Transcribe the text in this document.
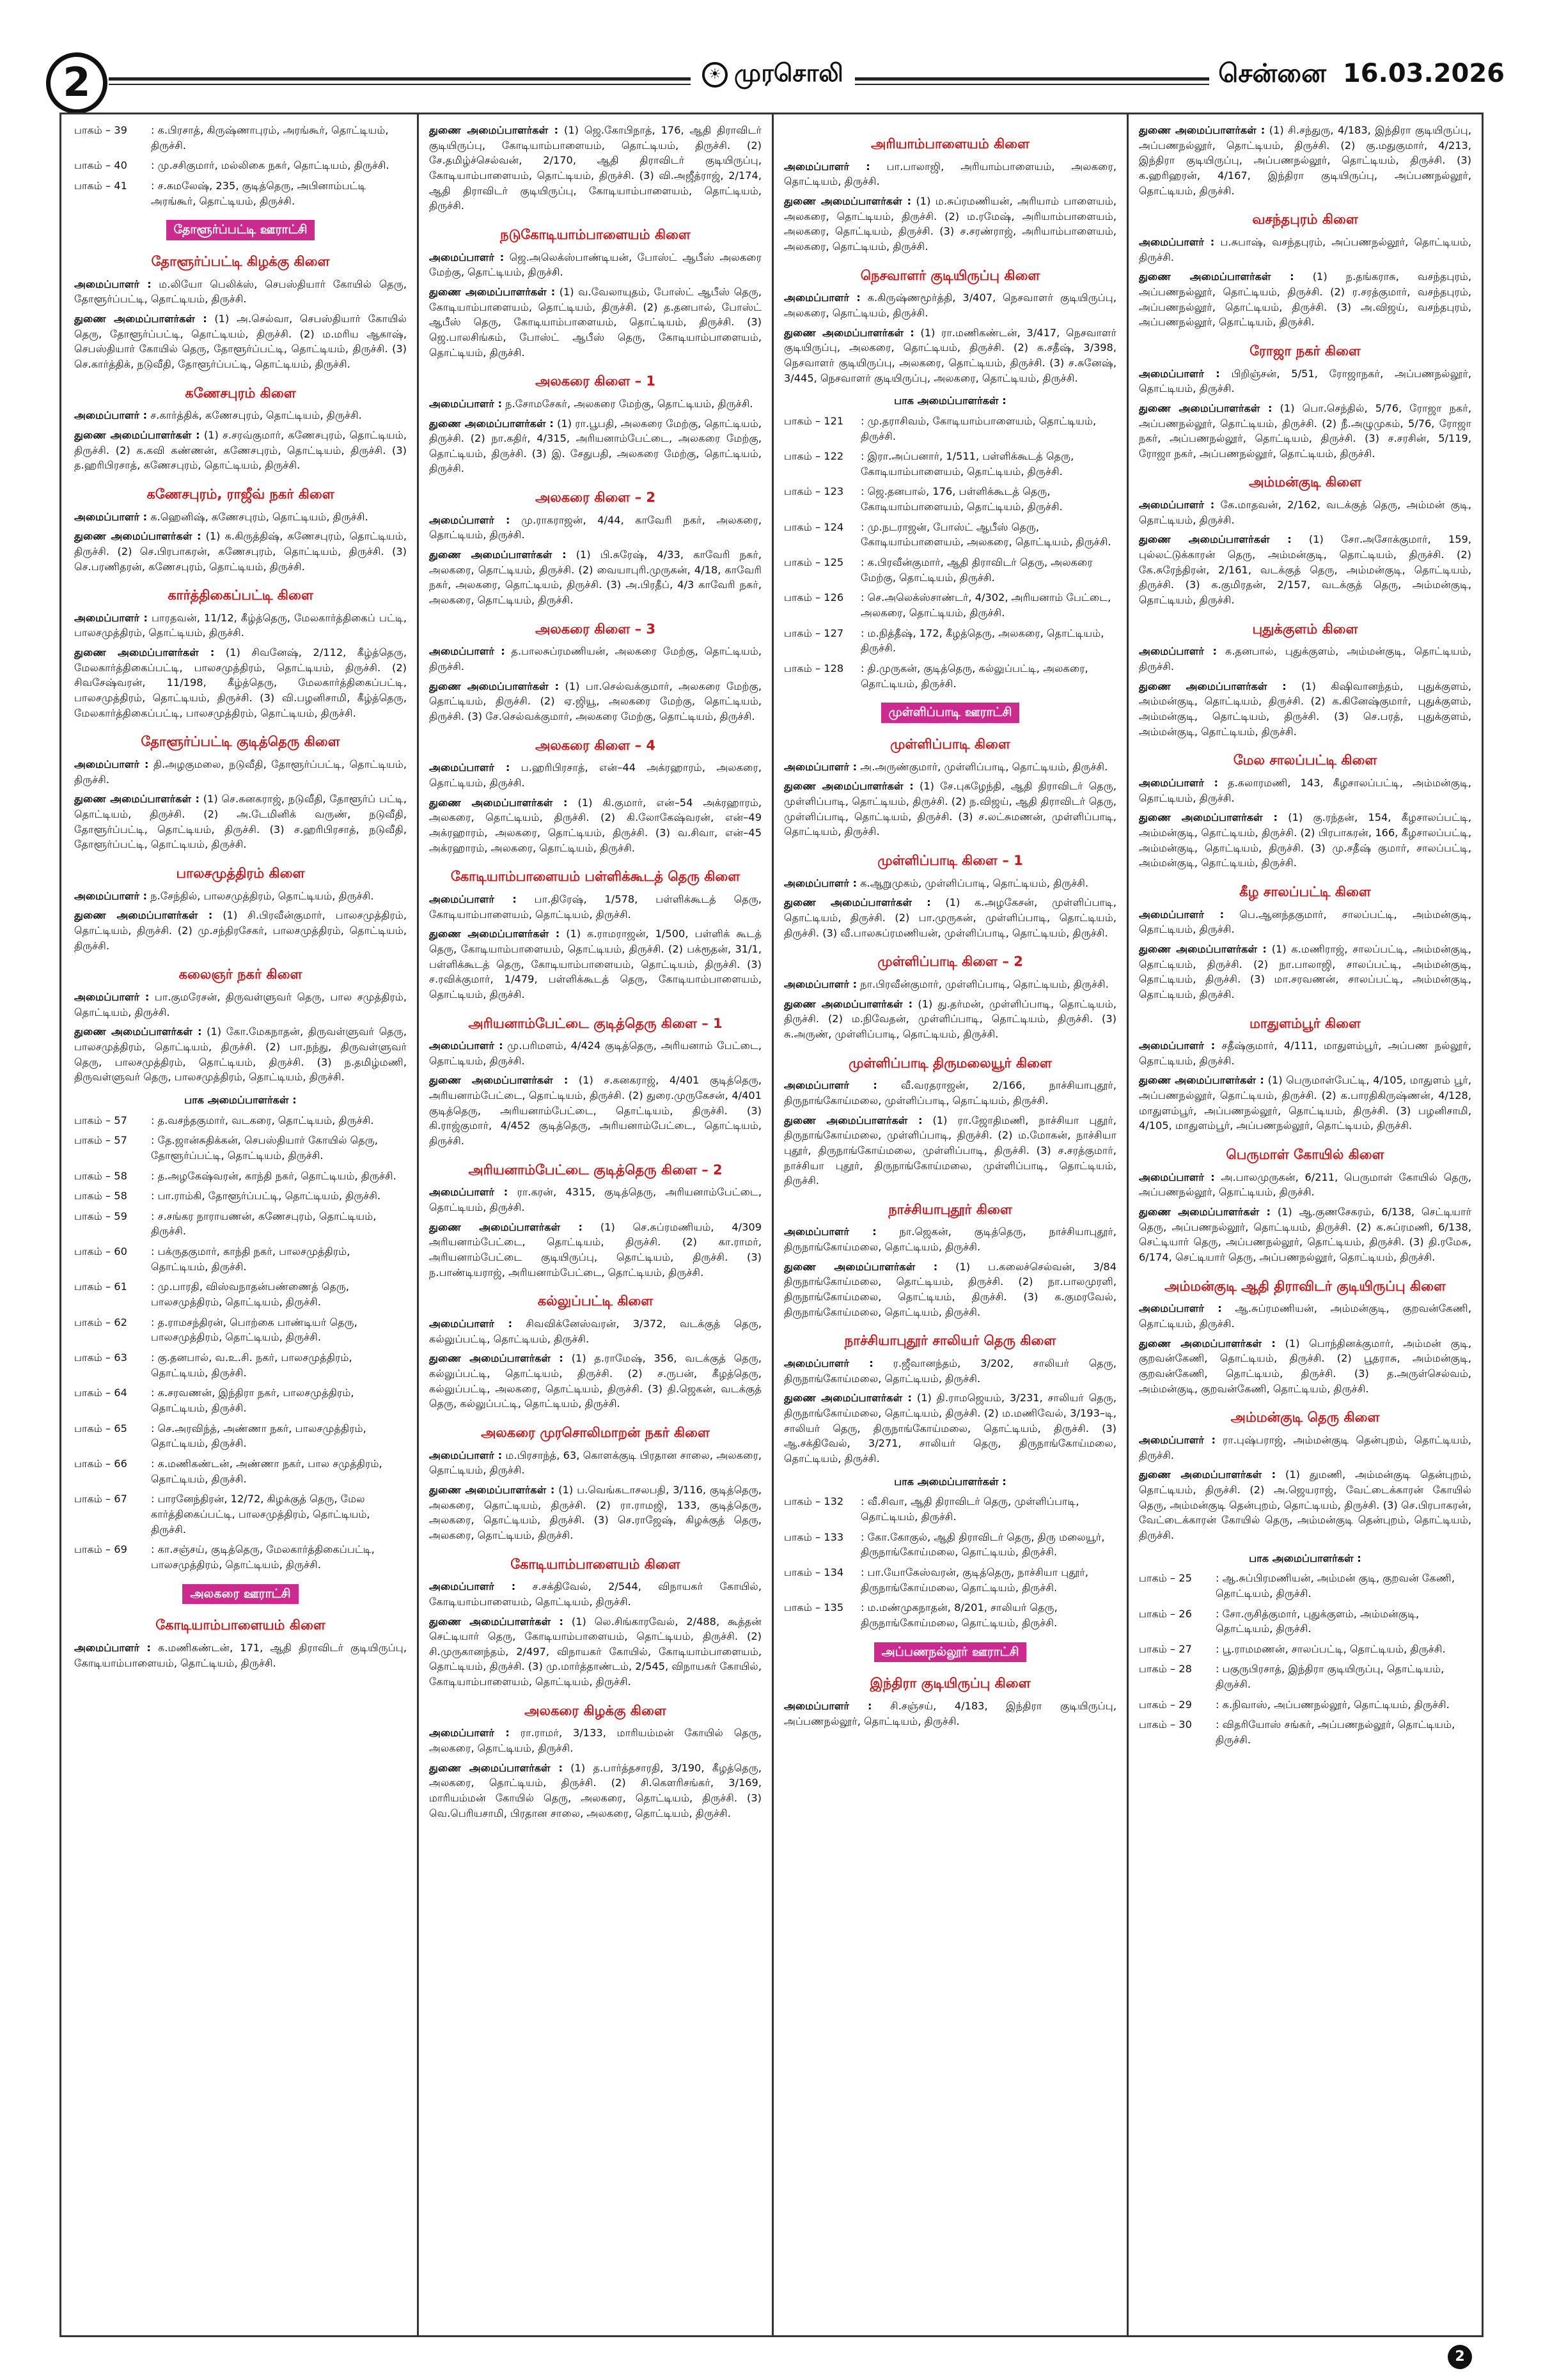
2	☀ முரசொலி	சென்னை 16.03.2026
பாகம் – 39	: க.பிரசாத், கிருஷ்ணாபுரம், அரங்கூர், தொட்டியம், திருச்சி.
பாகம் – 40	: மு.சசிகுமார், மல்லிகை நகர், தொட்டியம், திருச்சி.
பாகம் – 41	: ச.கமலேஷ், 235, குடித்தெரு, அபினாம்பட்டி அரங்கூர், தொட்டியம், திருச்சி.
தோளூர்ப்பட்டி ஊராட்சி
தோளூர்ப்பட்டி கிழக்கு கிளை

அமைப்பாளர் : ம.லியோ பெலிக்ஸ், செபஸ்தியார் கோயில் தெரு, தோளூர்ப்பட்டி, தொட்டியம், திருச்சி.

துணை அமைப்பாளர்கள் : (1) அ.செல்வா, செபஸ்தியார் கோயில் தெரு, தோளூர்ப்பட்டி, தொட்டியம், திருச்சி. (2) ம.மரிய ஆகாஷ், செபஸ்தியார் கோயில் தெரு, தோளூர்ப்பட்டி, தொட்டியம், திருச்சி. (3) செ.கார்த்திக், நடுவீதி, தோளூர்ப்பட்டி, தொட்டியம், திருச்சி.

கணேசபுரம் கிளை

அமைப்பாளர் : ச.கார்த்திக், கணேசபுரம், தொட்டியம், திருச்சி.

துணை அமைப்பாளர்கள் : (1) ச.சரவ்குமார், கணேசபுரம், தொட்டியம், திருச்சி. (2) க.கவி கண்ணன், கணேசபுரம், தொட்டியம், திருச்சி. (3) த.ஹரிபிரசாத், கணேசபுரம், தொட்டியம், திருச்சி.

கணேசபுரம், ராஜீவ் நகர் கிளை

அமைப்பாளர் : க.ஹெனிஷ், கணேசபுரம், தொட்டியம், திருச்சி.

துணை அமைப்பாளர்கள் : (1) க.கிருத்திஷ், கணேசபுரம், தொட்டியம், திருச்சி. (2) செ.பிரபாகரன், கணேசபுரம், தொட்டியம், திருச்சி. (3) செ.பரணிதரன், கணேசபுரம், தொட்டியம், திருச்சி.

கார்த்திகைப்பட்டி கிளை

அமைப்பாளர் : பாரதவன், 11/12, கீழ்த்தெரு, மேலகார்த்திகைப் பட்டி, பாலசமுத்திரம், தொட்டியம், திருச்சி.

துணை அமைப்பாளர்கள் : (1) சிவனேஷ், 2/112, கீழ்த்தெரு, மேலகார்த்திகைப்பட்டி, பாலசமுத்திரம், தொட்டியம், திருச்சி. (2) சிவசேஷ்வரன், 11/198, கீழ்த்தெரு, மேலகார்த்திகைப்பட்டி, பாலசமுத்திரம், தொட்டியம், திருச்சி. (3) வி.பழனிசாமி, கீழ்த்தெரு, மேலகார்த்திகைப்பட்டி, பாலசமுத்திரம், தொட்டியம், திருச்சி.

தோளூர்ப்பட்டி குடித்தெரு கிளை

அமைப்பாளர் : தி.அழகுமலை, நடுவீதி, தோளூர்ப்பட்டி, தொட்டியம், திருச்சி.

துணை அமைப்பாளர்கள் : (1) செ.கனகராஜ், நடுவீதி, தோளூர்ப் பட்டி, தொட்டியம், திருச்சி. (2) அ.டேமினிக் வருண், நடுவீதி, தோளூர்ப்பட்டி, தொட்டியம், திருச்சி. (3) ச.ஹரிபிரசாத், நடுவீதி, தோளூர்ப்பட்டி, தொட்டியம், திருச்சி.

பாலசமுத்திரம் கிளை

அமைப்பாளர் : ந.சேந்தில், பாலசமுத்திரம், தொட்டியம், திருச்சி.

துணை அமைப்பாளர்கள் : (1) சி.பிரவீன்குமார், பாலசமுத்திரம், தொட்டியம், திருச்சி. (2) மு.சந்திரசேகர், பாலசமுத்திரம், தொட்டியம், திருச்சி.

கலைஞர் நகர் கிளை

அமைப்பாளர் : பா.குமரேசன், திருவள்ளுவர் தெரு, பால சமுத்திரம், தொட்டியம், திருச்சி.

துணை அமைப்பாளர்கள் : (1) கோ.மேகநாதன், திருவள்ளுவர் தெரு, பாலசமுத்திரம், தொட்டியம், திருச்சி. (2) பா.நந்து, திருவள்ளுவர் தெரு, பாலசமுத்திரம், தொட்டியம், திருச்சி. (3) ந.தமிழ்மணி, திருவள்ளுவர் தெரு, பாலசமுத்திரம், தொட்டியம், திருச்சி.

பாக அமைப்பாளர்கள் :
பாகம் – 57	: த.வசந்தகுமார், வடகரை, தொட்டியம், திருச்சி.
பாகம் – 57	: தே.ஜான்சுதிக்கன், செபஸ்தியார் கோயில் தெரு, தோளூர்ப்பட்டி, தொட்டியம், திருச்சி.
பாகம் – 58	: த.அழகேஷ்வரன், காந்தி நகர், தொட்டியம், திருச்சி.
பாகம் – 58	: பா.ராம்கி, தோளூர்ப்பட்டி, தொட்டியம், திருச்சி.
பாகம் – 59	: ச.சங்கர நாராயணன், கணேசபுரம், தொட்டியம், திருச்சி.
பாகம் – 60	: பக்ருதகுமார், காந்தி நகர், பாலசமுத்திரம், தொட்டியம், திருச்சி.
பாகம் – 61	: மு.பாரதி, விஸ்வநாதன்பண்ணைத் தெரு, பாலசமுத்திரம், தொட்டியம், திருச்சி.
பாகம் – 62	: த.ராமசந்திரன், பொற்கை பாண்டியர் தெரு, பாலசமுத்திரம், தொட்டியம், திருச்சி.
பாகம் – 63	: கு.தனபால், வ.உ.சி. நகர், பாலசமுத்திரம், தொட்டியம், திருச்சி.
பாகம் – 64	: க.சரவணன், இந்திரா நகர், பாலசமுத்திரம், தொட்டியம், திருச்சி.
பாகம் – 65	: செ.அரவிந்த், அண்ணா நகர், பாலசமுத்திரம், தொட்டியம், திருச்சி.
பாகம் – 66	: க.மணிகண்டன், அண்ணா நகர், பால சமுத்திரம், தொட்டியம், திருச்சி.
பாகம் – 67	: பாரனேந்திரன், 12/72, கிழக்குத் தெரு, மேல கார்த்திகைப்பட்டி, பாலசமுத்திரம், தொட்டியம், திருச்சி.
பாகம் – 69	: கா.சஞ்சய், குடித்தெரு, மேலகார்த்திகைப்பட்டி, பாலசமுத்திரம், தொட்டியம், திருச்சி.
அலகரை ஊராட்சி
கோடியாம்பாளையம் கிளை

அமைப்பாளர் : க.மணிகண்டன், 171, ஆதி திராவிடர் குடியிருப்பு, கோடியாம்பாளையம், தொட்டியம், திருச்சி.

துணை அமைப்பாளர்கள் : (1) ஜெ.கோபிநாத், 176, ஆதி திராவிடர் குடியிருப்பு, கோடியாம்பாளையம், தொட்டியம், திருச்சி. (2) சே.தமிழ்ச்செல்வன், 2/170, ஆதி திராவிடர் குடியிருப்பு, கோடியாம்பாளையம், தொட்டியம், திருச்சி. (3) வி.அஜீத்ராஜ், 2/174, ஆதி திராவிடர் குடியிருப்பு, கோடியாம்பாளையம், தொட்டியம், திருச்சி.

நடுகோடியாம்பாளையம் கிளை

அமைப்பாளர் : ஜெ.அலெக்ஸ்பாண்டியன், போஸ்ட் ஆபீஸ் அலகரை மேற்கு, தொட்டியம், திருச்சி.

துணை அமைப்பாளர்கள் : (1) வ.வேலாயுதம், போஸ்ட் ஆபீஸ் தெரு, கோடியாம்பாளையம், தொட்டியம், திருச்சி. (2) த.தனபால், போஸ்ட் ஆபீஸ் தெரு, கோடியாம்பாளையம், தொட்டியம், திருச்சி. (3) ஜெ.பாலசிங்கம், போஸ்ட் ஆபீஸ் தெரு, கோடியாம்பாளையம், தொட்டியம், திருச்சி.

அலகரை கிளை – 1

அமைப்பாளர் : ந.சோமசேகர், அலகரை மேற்கு, தொட்டியம், திருச்சி.

துணை அமைப்பாளர்கள் : (1) ரா.பூபதி, அலகரை மேற்கு, தொட்டியம், திருச்சி. (2) நா.கதிர், 4/315, அரியனாம்பேட்டை, அலகரை மேற்கு, தொட்டியம், திருச்சி. (3) இ. சேதுபதி, அலகரை மேற்கு, தொட்டியம், திருச்சி.

அலகரை கிளை – 2

அமைப்பாளர் : மு.ராகராஜன், 4/44, காவேரி நகர், அலகரை, தொட்டியம், திருச்சி.

துணை அமைப்பாளர்கள் : (1) பி.சுரேஷ், 4/33, காவேரி நகர், அலகரை, தொட்டியம், திருச்சி. (2) வையாபுரி.முருகன், 4/18, காவேரி நகர், அலகரை, தொட்டியம், திருச்சி. (3) அ.பிரதீப், 4/3 காவேரி நகர், அலகரை, தொட்டியம், திருச்சி.

அலகரை கிளை – 3

அமைப்பாளர் : த.பாலசுப்ரமணியன், அலகரை மேற்கு, தொட்டியம், திருச்சி.

துணை அமைப்பாளர்கள் : (1) பா.செல்வக்குமார், அலகரை மேற்கு, தொட்டியம், திருச்சி. (2) ஏ.ஜியூ, அலகரை மேற்கு, தொட்டியம், திருச்சி. (3) சே.செல்வக்குமார், அலகரை மேற்கு, தொட்டியம், திருச்சி.

அலகரை கிளை – 4

அமைப்பாளர் : ப.ஹரிபிரசாத், என்–44 அக்ரஹாரம், அலகரை, தொட்டியம், திருச்சி.

துணை அமைப்பாளர்கள் : (1) கி.குமார், என்–54 அக்ரஹாரம், அலகரை, தொட்டியம், திருச்சி. (2) கி.லோகேஷ்வரன், என்–49 அக்ரஹாரம், அலகரை, தொட்டியம், திருச்சி. (3) வ.சிவா, என்–45 அக்ரஹாரம், அலகரை, தொட்டியம், திருச்சி.

கோடியாம்பாளையம் பள்ளிக்கூடத் தெரு கிளை

அமைப்பாளர் : பா.திரேஷ், 1/578, பள்ளிக்கூடத் தெரு, கோடியாம்பாளையம், தொட்டியம், திருச்சி.

துணை அமைப்பாளர்கள் : (1) க.ராமராஜன், 1/500, பள்ளிக் கூடத் தெரு, கோடியாம்பாளையம், தொட்டியம், திருச்சி. (2) பக்ரூதன், 31/1, பள்ளிக்கூடத் தெரு, கோடியாம்பாளையம், தொட்டியம், திருச்சி. (3) ச.ரவிக்குமார், 1/479, பள்ளிக்கூடத் தெரு, கோடியாம்பாளையம், தொட்டியம், திருச்சி.

அரியனாம்பேட்டை குடித்தெரு கிளை – 1

அமைப்பாளர் : மு.பரிமளம், 4/424 குடித்தெரு, அரியனாம் பேட்டை, தொட்டியம், திருச்சி.

துணை அமைப்பாளர்கள் : (1) ச.கனகராஜ், 4/401 குடித்தெரு, அரியனாம்பேட்டை, தொட்டியம், திருச்சி. (2) துரை.முருகேசன், 4/401 குடித்தெரு, அரியனாம்பேட்டை, தொட்டியம், திருச்சி. (3) கி.ராஜ்குமார், 4/452 குடித்தெரு, அரியனாம்பேட்டை, தொட்டியம், திருச்சி.

அரியனாம்பேட்டை குடித்தெரு கிளை – 2

அமைப்பாளர் : ரா.கரன், 4315, குடித்தெரு, அரியனாம்பேட்டை, தொட்டியம், திருச்சி.

துணை அமைப்பாளர்கள் : (1) செ.சுப்ரமணியம், 4/309 அரியனாம்பேட்டை, தொட்டியம், திருச்சி. (2) கா.ராமர், அரியனாம்பேட்டை குடியிருப்பு, தொட்டியம், திருச்சி. (3) ந.பாண்டியராஜ், அரியனாம்பேட்டை, தொட்டியம், திருச்சி.

கல்லுப்பட்டி கிளை

அமைப்பாளர் : சிவவிக்னேஸ்வரன், 3/372, வடக்குத் தெரு, கல்லுப்பட்டி, தொட்டியம், திருச்சி.

துணை அமைப்பாளர்கள் : (1) த.ராமேஷ், 356, வடக்குத் தெரு, கல்லுப்பட்டி, தொட்டியம், திருச்சி. (2) ச.ருபன், கீழத்தெரு, கல்லுப்பட்டி, அலகரை, தொட்டியம், திருச்சி. (3) தி.ஜெகன், வடக்குத் தெரு, கல்லுப்பட்டி, தொட்டியம், திருச்சி.

அலகரை முரசொலிமாறன் நகர் கிளை

அமைப்பாளர் : ம.பிரசாந்த், 63, கொளக்குடி பிரதான சாலை, அலகரை, தொட்டியம், திருச்சி.

துணை அமைப்பாளர்கள் : (1) ப.வெங்கடாசலபதி, 3/116, குடித்தெரு, அலகரை, தொட்டியம், திருச்சி. (2) ரா.ராமஜி, 133, குடித்தெரு, அலகரை, தொட்டியம், திருச்சி. (3) செ.ராஜேஷ், கிழக்குத் தெரு, அலகரை, தொட்டியம், திருச்சி.

கோடியாம்பாளையம் கிளை

அமைப்பாளர் : ச.சக்திவேல், 2/544, விநாயகர் கோயில், கோடியாம்பாளையம், தொட்டியம், திருச்சி.

துணை அமைப்பாளர்கள் : (1) லெ.சிங்காரவேல், 2/488, கூத்தன் செட்டியார் தெரு, கோடியாம்பாளையம், தொட்டியம், திருச்சி. (2) சி.முருகானந்தம், 2/497, விநாயகர் கோயில், கோடியாம்பாளையம், தொட்டியம், திருச்சி. (3) மு.மார்த்தாண்டம், 2/545, விநாயகர் கோயில், கோடியாம்பாளையம், தொட்டியம், திருச்சி.

அலகரை கிழக்கு கிளை

அமைப்பாளர் : ரா.ராமர், 3/133, மாரியம்மன் கோயில் தெரு, அலகரை, தொட்டியம், திருச்சி.

துணை அமைப்பாளர்கள் : (1) த.பார்த்தசாரதி, 3/190, கீழத்தெரு, அலகரை, தொட்டியம், திருச்சி. (2) சி.கௌரிசங்கர், 3/169, மாரியம்மன் கோயில் தெரு, அலகரை, தொட்டியம், திருச்சி. (3) வெ.பெரியசாமி, பிரதான சாலை, அலகரை, தொட்டியம், திருச்சி.

அரியாம்பாளையம் கிளை

அமைப்பாளர் : பா.பாலாஜி, அரியாம்பாளையம், அலகரை, தொட்டியம், திருச்சி.

துணை அமைப்பாளர்கள் : (1) ம.சுப்ரமணியன், அரியாம் பாளையம், அலகரை, தொட்டியம், திருச்சி. (2) ம.ரமேஷ், அரியாம்பாளையம், அலகரை, தொட்டியம், திருச்சி. (3) ச.சரண்ராஜ், அரியாம்பாளையம், அலகரை, தொட்டியம், திருச்சி.

நெசவாளர் குடியிருப்பு கிளை

அமைப்பாளர் : க.கிருஷ்ணமூர்த்தி, 3/407, நெசவாளர் குடியிருப்பு, அலகரை, தொட்டியம், திருச்சி.

துணை அமைப்பாளர்கள் : (1) ரா.மணிகண்டன், 3/417, நெசவாளர் குடியிருப்பு, அலகரை, தொட்டியம், திருச்சி. (2) க.சதீஷ், 3/398, நெசவாளர் குடியிருப்பு, அலகரை, தொட்டியம், திருச்சி. (3) ச.சுனேஷ், 3/445, நெசவாளர் குடியிருப்பு, அலகரை, தொட்டியம், திருச்சி.

பாக அமைப்பாளர்கள் :
பாகம் – 121	: மு.தராசிவம், கோடியாம்பாளையம், தொட்டியம், திருச்சி.
பாகம் – 122	: இரா.அப்பனார், 1/511, பள்ளிக்கூடத் தெரு, கோடியாம்பாளையம், தொட்டியம், திருச்சி.
பாகம் – 123	: ஜெ.தனபால், 176, பள்ளிக்கூடத் தெரு, கோடியாம்பாளையம், தொட்டியம், திருச்சி.
பாகம் – 124	: மு.நடராஜன், போஸ்ட் ஆபீஸ் தெரு, கோடியாம்பாளையம், அலகரை, தொட்டியம், திருச்சி.
பாகம் – 125	: க.பிரவீன்குமார், ஆதி திராவிடர் தெரு, அலகரை மேற்கு, தொட்டியம், திருச்சி.
பாகம் – 126	: செ.அலெக்ஸ்சாண்டர், 4/302, அரியனாம் பேட்டை, அலகரை, தொட்டியம், திருச்சி.
பாகம் – 127	: ம.நித்தீஷ், 172, கீழத்தெரு, அலகரை, தொட்டியம், திருச்சி.
பாகம் – 128	: தி.முருகன், குடித்தெரு, கல்லுப்பட்டி, அலகரை, தொட்டியம், திருச்சி.
முள்ளிப்பாடி ஊராட்சி
முள்ளிப்பாடி கிளை

அமைப்பாளர் : அ.அருண்குமார், முள்ளிப்பாடி, தொட்டியம், திருச்சி.

துணை அமைப்பாளர்கள் : (1) சே.புகழேந்தி, ஆதி திராவிடர் தெரு, முள்ளிப்பாடி, தொட்டியம், திருச்சி. (2) ந.விஜய், ஆதி திராவிடர் தெரு, முள்ளிப்பாடி, தொட்டியம், திருச்சி. (3) ச.லட்சுமணன், முள்ளிப்பாடி, தொட்டியம், திருச்சி.

முள்ளிப்பாடி கிளை – 1

அமைப்பாளர் : க.ஆறுமுகம், முள்ளிப்பாடி, தொட்டியம், திருச்சி.

துணை அமைப்பாளர்கள் : (1) க.அழகேசன், முள்ளிப்பாடி, தொட்டியம், திருச்சி. (2) பா.முருகன், முள்ளிப்பாடி, தொட்டியம், திருச்சி. (3) வீ.பாலசுப்ரமணியன், முள்ளிப்பாடி, தொட்டியம், திருச்சி.

முள்ளிப்பாடி கிளை – 2

அமைப்பாளர் : நா.பிரவீன்குமார், முள்ளிப்பாடி, தொட்டியம், திருச்சி.

துணை அமைப்பாளர்கள் : (1) து.தர்மன், முள்ளிப்பாடி, தொட்டியம், திருச்சி. (2) ம.நிவேதன், முள்ளிப்பாடி, தொட்டியம், திருச்சி. (3) சு.அருண், முள்ளிப்பாடி, தொட்டியம், திருச்சி.

முள்ளிப்பாடி திருமலையூர் கிளை

அமைப்பாளர் : வீ.வரதராஜன், 2/166, நாச்சியாபுதூர், திருநாங்கோய்மலை, முள்ளிப்பாடி, தொட்டியம், திருச்சி.

துணை அமைப்பாளர்கள் : (1) ரா.ஜோதிமணி, நாச்சியா புதூர், திருநாங்கோய்மலை, முள்ளிப்பாடி, திருச்சி. (2) ம.மோகன், நாச்சியா புதூர், திருநாங்கோய்மலை, முள்ளிப்பாடி, திருச்சி. (3) ச.சரத்குமார், நாச்சியா புதூர், திருநாங்கோய்மலை, முள்ளிப்பாடி, தொட்டியம், திருச்சி.

நாச்சியாபுதூர் கிளை

அமைப்பாளர் : நா.ஜெகன், குடித்தெரு, நாச்சியாபுதூர், திருநாங்கோய்மலை, தொட்டியம், திருச்சி.

துணை அமைப்பாளர்கள் : (1) ப.கலைச்செல்வன், 3/84 திருநாங்கோய்மலை, தொட்டியம், திருச்சி. (2) நா.பாலமுரளி, திருநாங்கோய்மலை, தொட்டியம், திருச்சி. (3) க.குமரவேல், திருநாங்கோய்மலை, தொட்டியம், திருச்சி.

நாச்சியாபுதூர் சாலியர் தெரு கிளை

அமைப்பாளர் : ர.ஜீவானந்தம், 3/202, சாலியர் தெரு, திருநாங்கோய்மலை, தொட்டியம், திருச்சி.

துணை அமைப்பாளர்கள் : (1) தி.ராமஜெயம், 3/231, சாலியர் தெரு, திருநாங்கோய்மலை, தொட்டியம், திருச்சி. (2) ம.மணிவேல், 3/193–டி, சாலியர் தெரு, திருநாங்கோய்மலை, தொட்டியம், திருச்சி. (3) ஆ.சக்திவேல், 3/271, சாலியர் தெரு, திருநாங்கோய்மலை, தொட்டியம், திருச்சி.

பாக அமைப்பாளர்கள் :
பாகம் – 132	: வீ.சிவா, ஆதி திராவிடர் தெரு, முள்ளிப்பாடி, தொட்டியம், திருச்சி.
பாகம் – 133	: கோ.கோகுல், ஆதி திராவிடர் தெரு, திரு மலையூர், திருநாங்கோய்மலை, தொட்டியம், திருச்சி.
பாகம் – 134	: பா.யோகேஸ்வரன், குடித்தெரு, நாச்சியா புதூர், திருநாங்கோய்மலை, தொட்டியம், திருச்சி.
பாகம் – 135	: ம.மண்முகநாதன், 8/201, சாலியர் தெரு, திருநாங்கோய்மலை, தொட்டியம், திருச்சி.
அப்பணநல்லூர் ஊராட்சி
இந்திரா குடியிருப்பு கிளை

அமைப்பாளர் : சி.சஞ்சய், 4/183, இந்திரா குடியிருப்பு, அப்பணநல்லூர், தொட்டியம், திருச்சி.

துணை அமைப்பாளர்கள் : (1) சி.சந்துரு, 4/183, இந்திரா குடியிருப்பு, அப்பணநல்லூர், தொட்டியம், திருச்சி. (2) கு.மதுகுமார், 4/213, இந்திரா குடியிருப்பு, அப்பணநல்லூர், தொட்டியம், திருச்சி. (3) க.ஹரிஹரன், 4/167, இந்திரா குடியிருப்பு, அப்பணநல்லூர், தொட்டியம், திருச்சி.

வசந்தபுரம் கிளை

அமைப்பாளர் : ப.சுபாஷ், வசந்தபுரம், அப்பணநல்லூர், தொட்டியம், திருச்சி.

துணை அமைப்பாளர்கள் : (1) ந.தங்கராசு, வசந்தபுரம், அப்பணநல்லூர், தொட்டியம், திருச்சி. (2) ர.சரத்குமார், வசந்தபுரம், அப்பணநல்லூர், தொட்டியம், திருச்சி. (3) அ.விஜய், வசந்தபுரம், அப்பணநல்லூர், தொட்டியம், திருச்சி.

ரோஜா நகர் கிளை

அமைப்பாளர் : பிறிஞ்சன், 5/51, ரோஜாநகர், அப்பணநல்லூர், தொட்டியம், திருச்சி.

துணை அமைப்பாளர்கள் : (1) பொ.செந்தில், 5/76, ரோஜா நகர், அப்பணநல்லூர், தொட்டியம், திருச்சி. (2) நீ.அழுமுகம், 5/76, ரோஜா நகர், அப்பணநல்லூர், தொட்டியம், திருச்சி. (3) ச.சரசின், 5/119, ரோஜா நகர், அப்பணநல்லூர், தொட்டியம், திருச்சி.

அம்மன்குடி கிளை

அமைப்பாளர் : கே.மாதவன், 2/162, வடக்குத் தெரு, அம்மன் குடி, தொட்டியம், திருச்சி.

துணை அமைப்பாளர்கள் : (1) சோ.அசோக்குமார், 159, புல்லட்டுக்காரன் தெரு, அம்மன்குடி, தொட்டியம், திருச்சி. (2) கே.சுரேந்திரன், 2/161, வடக்குத் தெரு, அம்மன்குடி, தொட்டியம், திருச்சி. (3) க.குமிரதன், 2/157, வடக்குத் தெரு, அம்மன்குடி, தொட்டியம், திருச்சி.

புதுக்குளம் கிளை

அமைப்பாளர் : க.தனபால், புதுக்குளம், அம்மன்குடி, தொட்டியம், திருச்சி.

துணை அமைப்பாளர்கள் : (1) கிஷிவானந்தம், புதுக்குளம், அம்மன்குடி, தொட்டியம், திருச்சி. (2) க.கினேஷ்குமார், புதுக்குளம், அம்மன்குடி, தொட்டியம், திருச்சி. (3) செ.பரத், புதுக்குளம், அம்மன்குடி, தொட்டியம், திருச்சி.

மேல சாலப்பட்டி கிளை

அமைப்பாளர் : த.கலாரமணி, 143, கீழசாலப்பட்டி, அம்மன்குடி, தொட்டியம், திருச்சி.

துணை அமைப்பாளர்கள் : (1) கு.ரந்தன், 154, கீழசாலப்பட்டி, அம்மன்குடி, தொட்டியம், திருச்சி. (2) பிரபாகரன், 166, கீழசாலப்பட்டி, அம்மன்குடி, தொட்டியம், திருச்சி. (3) மு.சதீஷ் குமார், சாலப்பட்டி, அம்மன்குடி, தொட்டியம், திருச்சி.

கீழ சாலப்பட்டி கிளை

அமைப்பாளர் : பெ.ஆனந்தகுமார், சாலப்பட்டி, அம்மன்குடி, தொட்டியம், திருச்சி.

துணை அமைப்பாளர்கள் : (1) க.மணிராஜ், சாலப்பட்டி, அம்மன்குடி, தொட்டியம், திருச்சி. (2) நா.பாலாஜி, சாலப்பட்டி, அம்மன்குடி, தொட்டியம், திருச்சி. (3) மா.சரவணன், சாலப்பட்டி, அம்மன்குடி, தொட்டியம், திருச்சி.

மாதுளம்பூர் கிளை

அமைப்பாளர் : சதீஷ்குமார், 4/111, மாதுளம்பூர், அப்பண நல்லூர், தொட்டியம், திருச்சி.

துணை அமைப்பாளர்கள் : (1) பெருமாள்பேட்டி, 4/105, மாதுளம் பூர், அப்பணநல்லூர், தொட்டியம், திருச்சி. (2) க.பாரதிகிருஷ்ணன், 4/128, மாதுளம்பூர், அப்பணநல்லூர், தொட்டியம், திருச்சி. (3) பழனிசாமி, 4/105, மாதுளம்பூர், அப்பணநல்லூர், தொட்டியம், திருச்சி.

பெருமாள் கோயில் கிளை

அமைப்பாளர் : அ.பாலமுருகன், 6/211, பெருமாள் கோயில் தெரு, அப்பணநல்லூர், தொட்டியம், திருச்சி.

துணை அமைப்பாளர்கள் : (1) ஆ.குணசேகரம், 6/138, செட்டியார் தெரு, அப்பணநல்லூர், தொட்டியம், திருச்சி. (2) க.சுப்ரமணி, 6/138, செட்டியார் தெரு, அப்பணநல்லூர், தொட்டியம், திருச்சி. (3) தி.ரமேசு, 6/174, செட்டியார் தெரு, அப்பணநல்லூர், தொட்டியம், திருச்சி.

அம்மன்குடி ஆதி திராவிடர் குடியிருப்பு கிளை

அமைப்பாளர் : ஆ.சுப்ரமணியன், அம்மன்குடி, குறவன்கேணி, தொட்டியம், திருச்சி.

துணை அமைப்பாளர்கள் : (1) பொந்தினக்குமார், அம்மன் குடி, குறவன்கேணி, தொட்டியம், திருச்சி. (2) பூதராசு, அம்மன்குடி, குறவன்கேணி, தொட்டியம், திருச்சி. (3) த.அருள்செல்வம், அம்மன்குடி, குறவன்கேணி, தொட்டியம், திருச்சி.

அம்மன்குடி தெரு கிளை

அமைப்பாளர் : ரா.புஷ்பராஜ், அம்மன்குடி தென்புறம், தொட்டியம், திருச்சி.

துணை அமைப்பாளர்கள் : (1) துமணி, அம்மன்குடி தென்புறம், தொட்டியம், திருச்சி. (2) அ.ஜெயராஜ், வேட்டைக்காரன் கோயில் தெரு, அம்மன்குடி தென்புறம், தொட்டியம், திருச்சி. (3) செ.பிரபாகரன், வேட்டைக்காரன் கோயில் தெரு, அம்மன்குடி தென்புறம், தொட்டியம், திருச்சி.

பாக அமைப்பாளர்கள் :
பாகம் – 25	: ஆ.சுப்பிரமணியன், அம்மன் குடி, குறவன் கேணி, தொட்டியம், திருச்சி.
பாகம் – 26	: சோ.ருசித்குமார், புதுக்குளம், அம்மன்குடி, தொட்டியம், திருச்சி.
பாகம் – 27	: பூ.ராமமணன், சாலப்பட்டி, தொட்டியம், திருச்சி.
பாகம் – 28	: பகுருபிரசாத், இந்திரா குடியிருப்பு, தொட்டியம், திருச்சி.
பாகம் – 29	: க.நிவாஸ், அப்பணநல்லூர், தொட்டியம், திருச்சி.
பாகம் – 30	: விதரியோஸ் சங்கர், அப்பணநல்லூர், தொட்டியம், திருச்சி.
2
